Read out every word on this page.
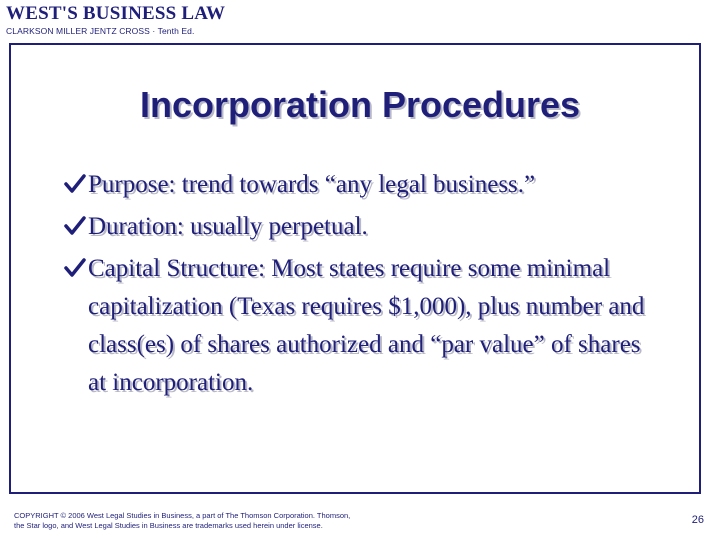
WEST'S BUSINESS LAW
CLARKSON MILLER JENTZ CROSS · Tenth Ed.
Incorporation Procedures
Purpose: trend towards “any legal business.”
Duration: usually perpetual.
Capital Structure: Most states require some minimal capitalization (Texas requires $1,000), plus number and class(es) of shares authorized and “par value” of shares at incorporation.
COPYRIGHT © 2006 West Legal Studies in Business, a part of The Thomson Corporation. Thomson,
the Star logo, and West Legal Studies in Business are trademarks used herein under license.	26
